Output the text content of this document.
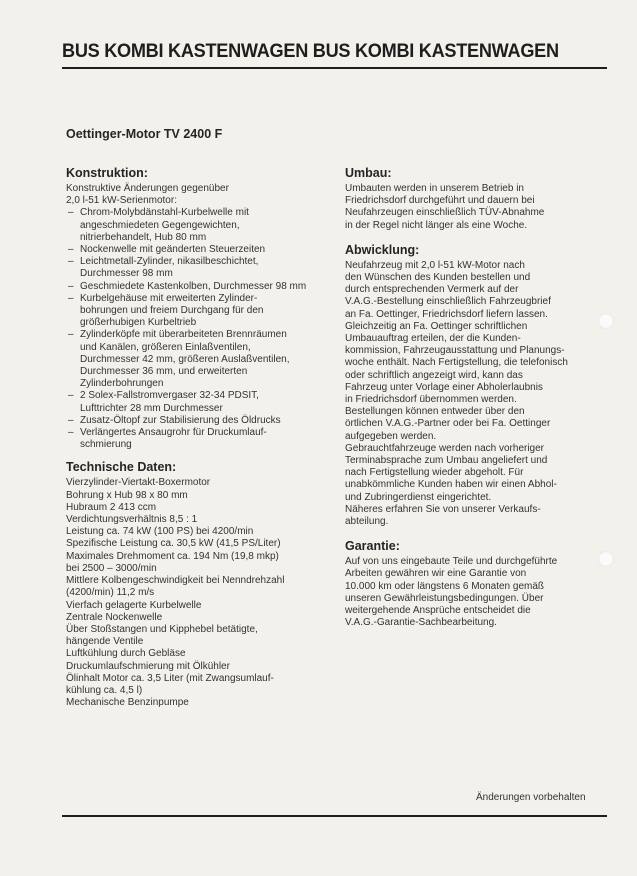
BUS KOMBI KASTENWAGEN BUS KOMBI KASTENWAGEN
Oettinger-Motor TV 2400 F
Konstruktion:
Konstruktive Änderungen gegenüber
2,0 l-51 kW-Serienmotor:
– Chrom-Molybdänstahl-Kurbelwelle mit
angeschmiedeten Gegengewichten,
nitrierbehandelt, Hub 80 mm
– Nockenwelle mit geänderten Steuerzeiten
– Leichtmetall-Zylinder, nikasilbeschichtet,
Durchmesser 98 mm
– Geschmiedete Kastenkolben, Durchmesser 98 mm
– Kurbelgehäuse mit erweiterten Zylinder-
bohrungen und freiem Durchgang für den
größerhubigen Kurbeltrieb
– Zylinderköpfe mit überarbeiteten Brennräumen
und Kanälen, größeren Einlaßventilen,
Durchmesser 42 mm, größeren Auslaßventilen,
Durchmesser 36 mm, und erweiterten
Zylinderbohrungen
– 2 Solex-Fallstromvergaser 32-34 PDSIT,
Lufttrichter 28 mm Durchmesser
– Zusatz-Öltopf zur Stabilisierung des Öldrucks
– Verlängertes Ansaugrohr für Druckumlauf-
schmierung
Technische Daten:
Vierzylinder-Viertakt-Boxermotor
Bohrung x Hub 98 x 80 mm
Hubraum 2 413 ccm
Verdichtungsverhältnis 8,5 : 1
Leistung ca. 74 kW (100 PS) bei 4200/min
Spezifische Leistung ca. 30,5 kW (41,5 PS/Liter)
Maximales Drehmoment ca. 194 Nm (19,8 mkp)
bei 2500 – 3000/min
Mittlere Kolbengeschwindigkeit bei Nenndrehzahl
(4200/min) 11,2 m/s
Vierfach gelagerte Kurbelwelle
Zentrale Nockenwelle
Über Stoßstangen und Kipphebel betätigte,
hängende Ventile
Luftkühlung durch Gebläse
Druckumlaufschmierung mit Ölkühler
Ölinhalt Motor ca. 3,5 Liter (mit Zwangsumlauf-
kühlung ca. 4,5 l)
Mechanische Benzinpumpe
Umbau:
Umbauten werden in unserem Betrieb in
Friedrichsdorf durchgeführt und dauern bei
Neufahrzeugen einschließlich TÜV-Abnahme
in der Regel nicht länger als eine Woche.
Abwicklung:
Neufahrzeug mit 2,0 l-51 kW-Motor nach
den Wünschen des Kunden bestellen und
durch entsprechenden Vermerk auf der
V.A.G.-Bestellung einschließlich Fahrzeugbrief
an Fa. Oettinger, Friedrichsdorf liefern lassen.
Gleichzeitig an Fa. Oettinger schriftlichen
Umbauauftrag erteilen, der die Kunden-
kommission, Fahrzeugausstattung und Planungs-
woche enthält. Nach Fertigstellung, die telefonisch
oder schriftlich angezeigt wird, kann das
Fahrzeug unter Vorlage einer Abholerlaubnis
in Friedrichsdorf übernommen werden.
Bestellungen können entweder über den
örtlichen V.A.G.-Partner oder bei Fa. Oettinger
aufgegeben werden.
Gebrauchtfahrzeuge werden nach vorheriger
Terminabsprache zum Umbau angeliefert und
nach Fertigstellung wieder abgeholt. Für
unabkömmliche Kunden haben wir einen Abhol-
und Zubringerdienst eingerichtet.
Näheres erfahren Sie von unserer Verkaufs-
abteilung.
Garantie:
Auf von uns eingebaute Teile und durchgeführte
Arbeiten gewähren wir eine Garantie von
10.000 km oder längstens 6 Monaten gemäß
unseren Gewährleistungsbedingungen. Über
weitergehende Ansprüche entscheidet die
V.A.G.-Garantie-Sachbearbeitung.
Änderungen vorbehalten
